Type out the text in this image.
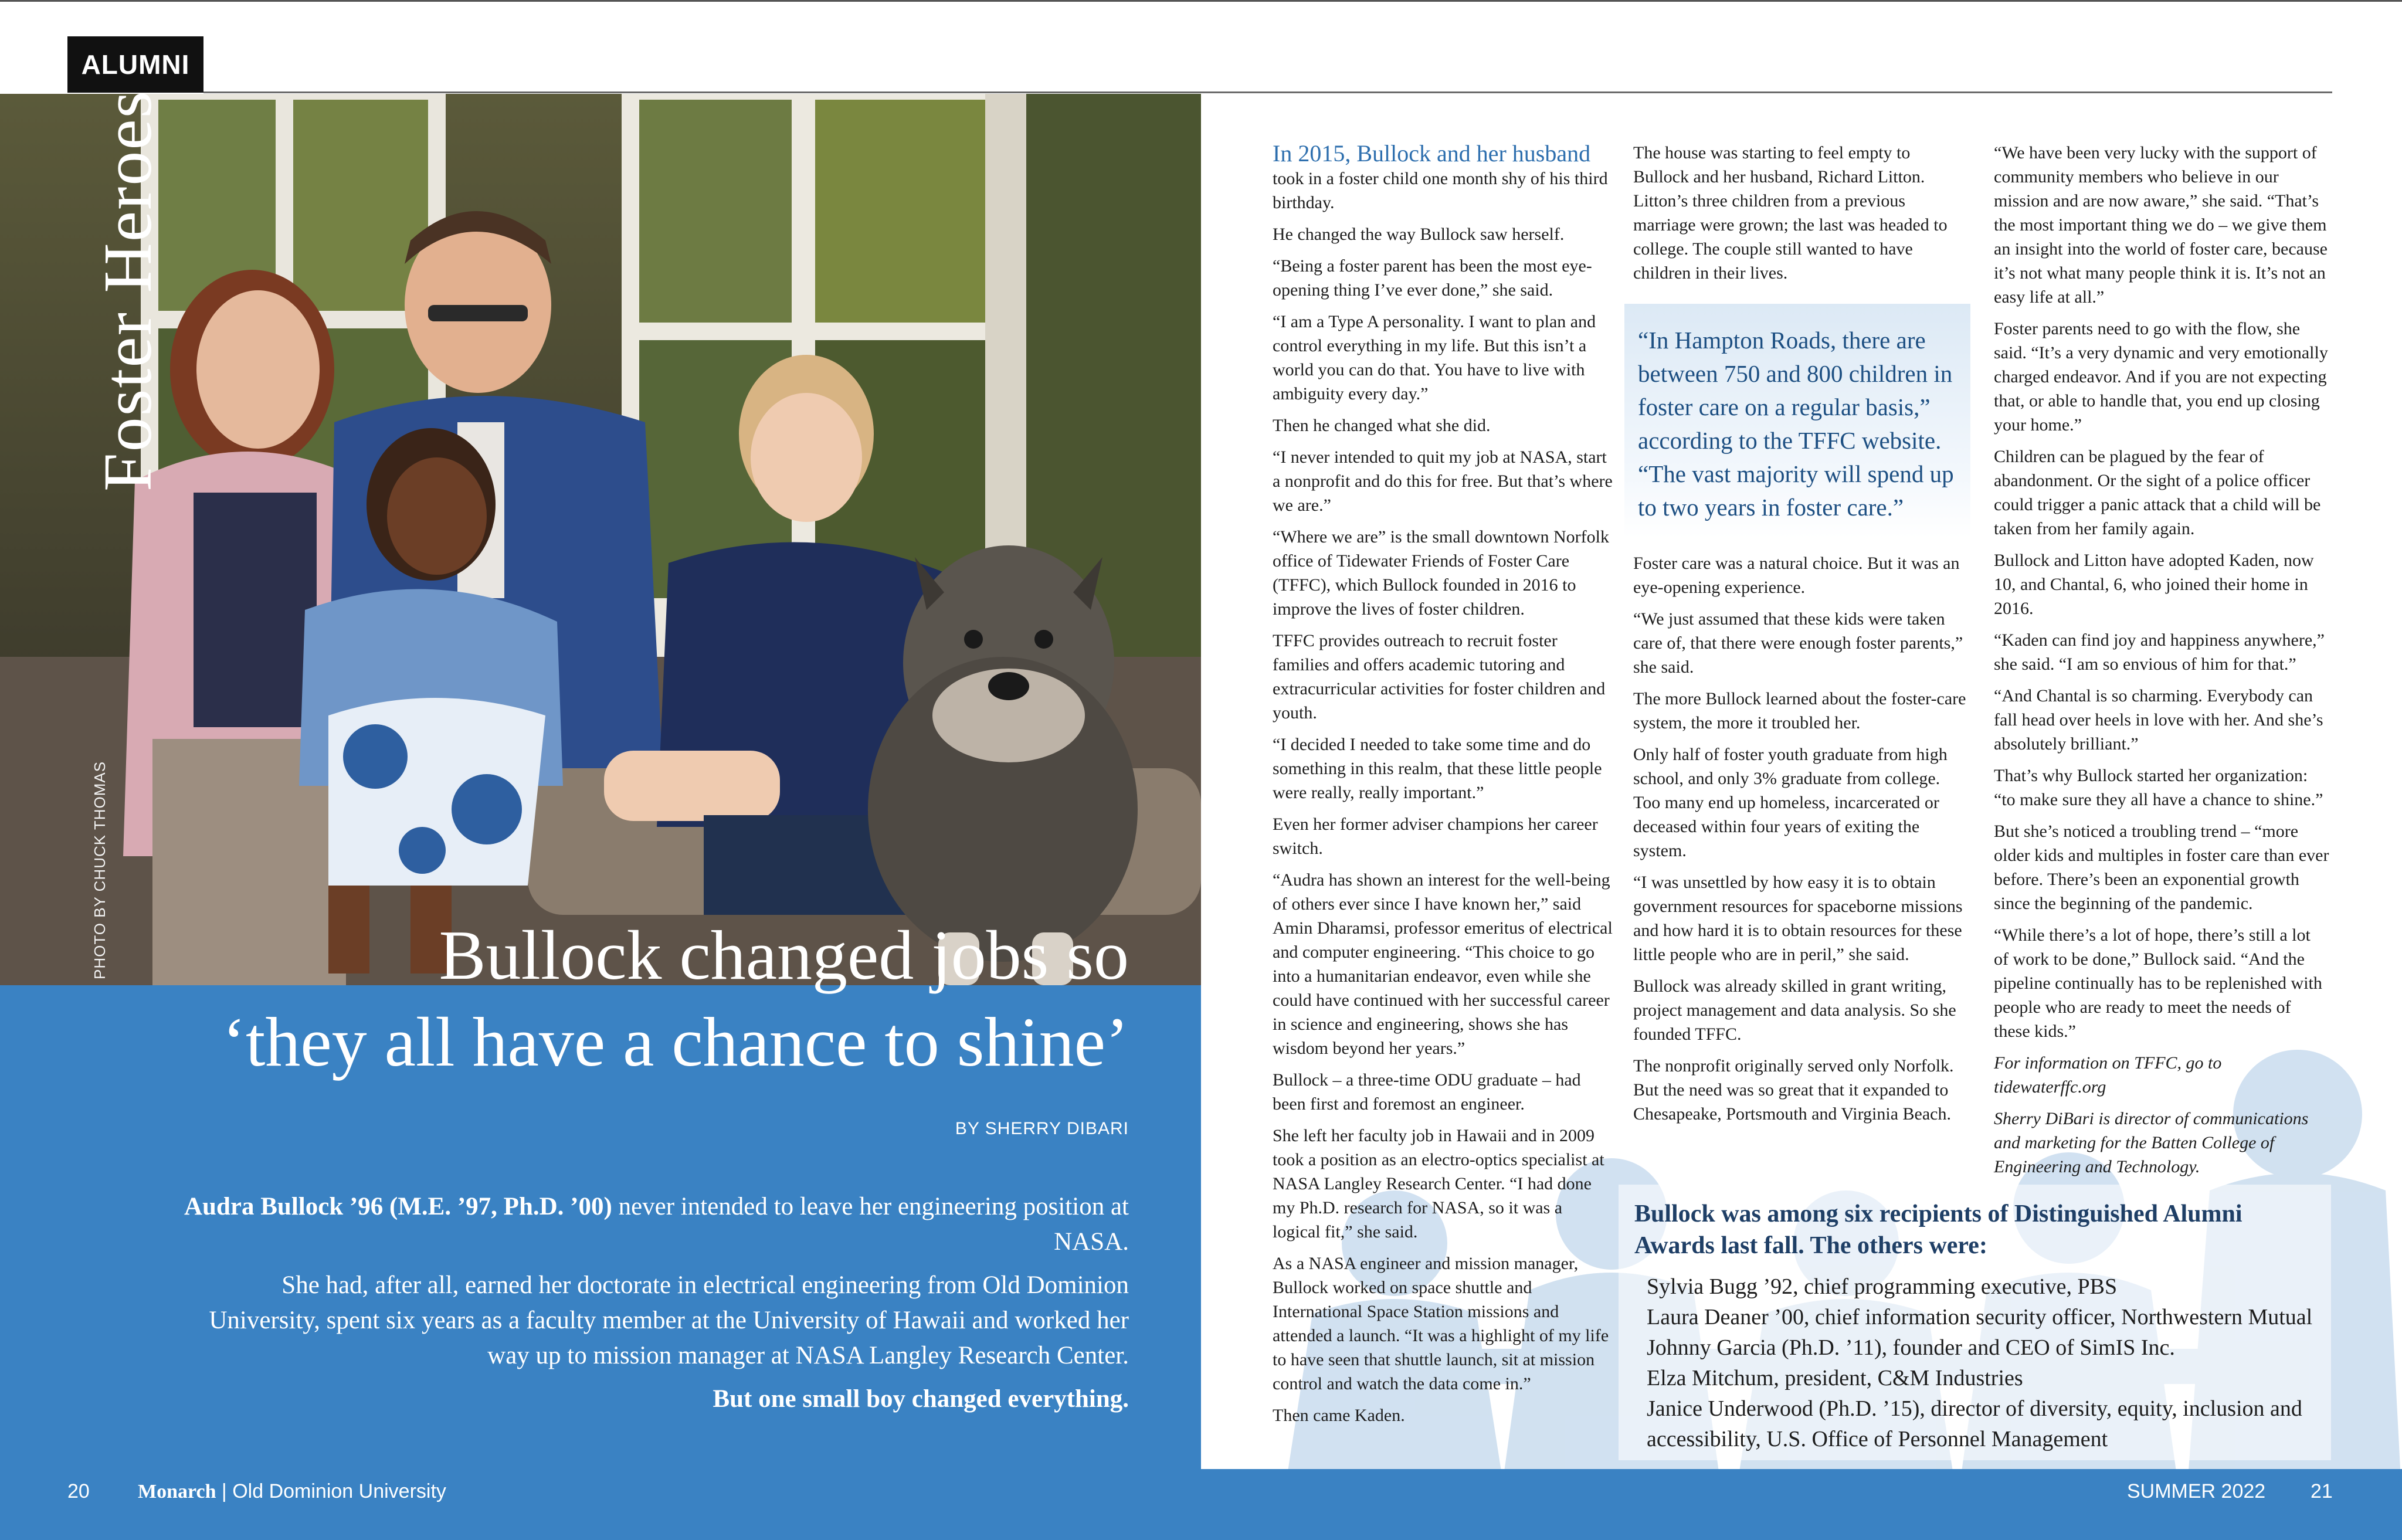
ALUMNI
Foster Heroes
PHOTO BY CHUCK THOMAS	Bullock changed jobs so
‘they all have a chance to shine’
BY SHERRY DIBARI

Audra Bullock ’96 (M.E. ’97, Ph.D. ’00) never intended to leave her engineering position at NASA.

She had, after all, earned her doctorate in electrical engineering from Old Dominion University, spent six years as a faculty member at the University of Hawaii and worked her way up to mission manager at NASA Langley Research Center.

But one small boy changed everything.

In 2015, Bullock and her husband

took in a foster child one month shy of his third birthday.

He changed the way Bullock saw herself.

“Being a foster parent has been the most eye-opening thing I’ve ever done,” she said.

“I am a Type A personality. I want to plan and control everything in my life. But this isn’t a world you can do that. You have to live with ambiguity every day.”

Then he changed what she did.

“I never intended to quit my job at NASA, start a nonprofit and do this for free. But that’s where we are.”

“Where we are” is the small downtown Norfolk office of Tidewater Friends of Foster Care (TFFC), which Bullock founded in 2016 to improve the lives of foster children.

TFFC provides outreach to recruit foster families and offers academic tutoring and extracurricular activities for foster children and youth.

“I decided I needed to take some time and do something in this realm, that these little people were really, really important.”

Even her former adviser champions her career switch.

“Audra has shown an interest for the well-being of others ever since I have known her,” said Amin Dharamsi, professor emeritus of electrical and computer engineering. “This choice to go into a humanitarian endeavor, even while she could have continued with her successful career in science and engineering, shows she has wisdom beyond her years.”

Bullock – a three-time ODU graduate – had been first and foremost an engineer.

She left her faculty job in Hawaii and in 2009 took a position as an electro-optics specialist at NASA Langley Research Center. “I had done my Ph.D. research for NASA, so it was a logical fit,” she said.

As a NASA engineer and mission manager, Bullock worked on space shuttle and International Space Station missions and attended a launch. “It was a highlight of my life to have seen that shuttle launch, sit at mission control and watch the data come in.”

Then came Kaden.

The house was starting to feel empty to Bullock and her husband, Richard Litton. Litton’s three children from a previous marriage were grown; the last was headed to college. The couple still wanted to have children in their lives.

“In Hampton Roads, there are between 750 and 800 children in foster care on a regular basis,” according to the TFFC website. “The vast majority will spend up to two years in foster care.”

Foster care was a natural choice. But it was an eye-opening experience.

“We just assumed that these kids were taken care of, that there were enough foster parents,” she said.

The more Bullock learned about the foster-care system, the more it troubled her.

Only half of foster youth graduate from high school, and only 3% graduate from college. Too many end up homeless, incarcerated or deceased within four years of exiting the system.

“I was unsettled by how easy it is to obtain government resources for spaceborne missions and how hard it is to obtain resources for these little people who are in peril,” she said.

Bullock was already skilled in grant writing, project management and data analysis. So she founded TFFC.

The nonprofit originally served only Norfolk. But the need was so great that it expanded to Chesapeake, Portsmouth and Virginia Beach.

“We have been very lucky with the support of community members who believe in our mission and are now aware,” she said. “That’s the most important thing we do – we give them an insight into the world of foster care, because it’s not what many people think it is. It’s not an easy life at all.”

Foster parents need to go with the flow, she said. “It’s a very dynamic and very emotionally charged endeavor. And if you are not expecting that, or able to handle that, you end up closing your home.”

Children can be plagued by the fear of abandonment. Or the sight of a police officer could trigger a panic attack that a child will be taken from her family again.

Bullock and Litton have adopted Kaden, now 10, and Chantal, 6, who joined their home in 2016.

“Kaden can find joy and happiness anywhere,” she said. “I am so envious of him for that.”

“And Chantal is so charming. Everybody can fall head over heels in love with her. And she’s absolutely brilliant.”

That’s why Bullock started her organization: “to make sure they all have a chance to shine.”

But she’s noticed a troubling trend – “more older kids and multiples in foster care than ever before. There’s been an exponential growth since the beginning of the pandemic.

“While there’s a lot of hope, there’s still a lot of work to be done,” Bullock said. “And the pipeline continually has to be replenished with people who are ready to meet the needs of these kids.”

For information on TFFC, go to tidewaterffc.org

Sherry DiBari is director of communications and marketing for the Batten College of Engineering and Technology.

Bullock was among six recipients of Distinguished Alumni Awards last fall. The others were:
Sylvia Bugg ’92, chief programming executive, PBS
Laura Deaner ’00, chief information security officer, Northwestern Mutual
Johnny Garcia (Ph.D. ’11), founder and CEO of SimIS Inc.
Elza Mitchum, president, C&M Industries
Janice Underwood (Ph.D. ’15), director of diversity, equity, inclusion and accessibility, U.S. Office of Personnel Management
20 Monarch | Old Dominion University	SUMMER 2022 21
